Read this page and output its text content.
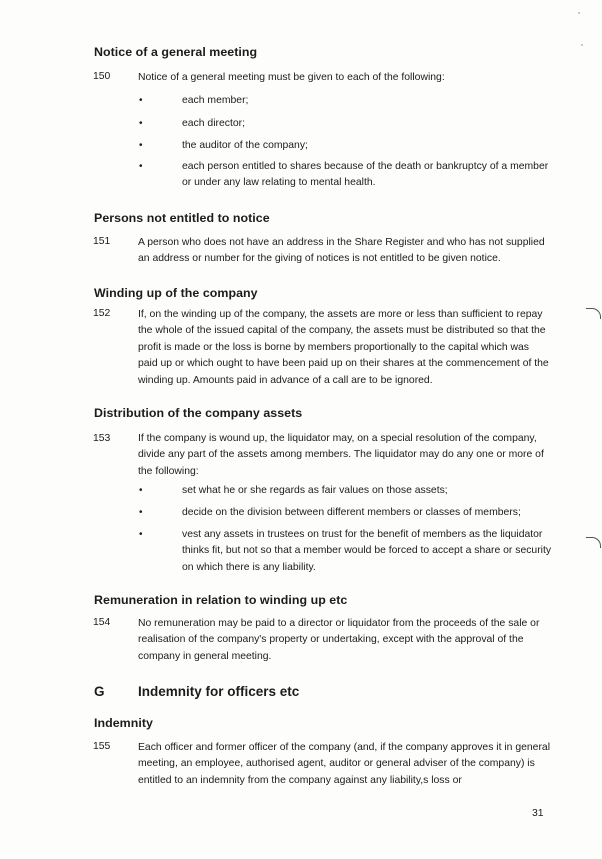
Notice of a general meeting
150	Notice of a general meeting must be given to each of the following:
•	each member;
•	each director;
•	the auditor of the company;
•	each person entitled to shares because of the death or bankruptcy of a member or under any law relating to mental health.
Persons not entitled to notice
151	A person who does not have an address in the Share Register and who has not supplied an address or number for the giving of notices is not entitled to be given notice.
Winding up of the company
152	If, on the winding up of the company, the assets are more or less than sufficient to repay the whole of the issued capital of the company, the assets must be distributed so that the profit is made or the loss is borne by members proportionally to the capital which was paid up or which ought to have been paid up on their shares at the commencement of the winding up. Amounts paid in advance of a call are to be ignored.
Distribution of the company assets
153	If the company is wound up, the liquidator may, on a special resolution of the company, divide any part of the assets among members. The liquidator may do any one or more of the following:
•	set what he or she regards as fair values on those assets;
•	decide on the division between different members or classes of members;
•	vest any assets in trustees on trust for the benefit of members as the liquidator thinks fit, but not so that a member would be forced to accept a share or security on which there is any liability.
Remuneration in relation to winding up etc
154	No remuneration may be paid to a director or liquidator from the proceeds of the sale or realisation of the company's property or undertaking, except with the approval of the company in general meeting.
G Indemnity for officers etc
Indemnity
155	Each officer and former officer of the company (and, if the company approves it in general meeting, an employee, authorised agent, auditor or general adviser of the company) is entitled to an indemnity from the company against any liability,s loss or
31
